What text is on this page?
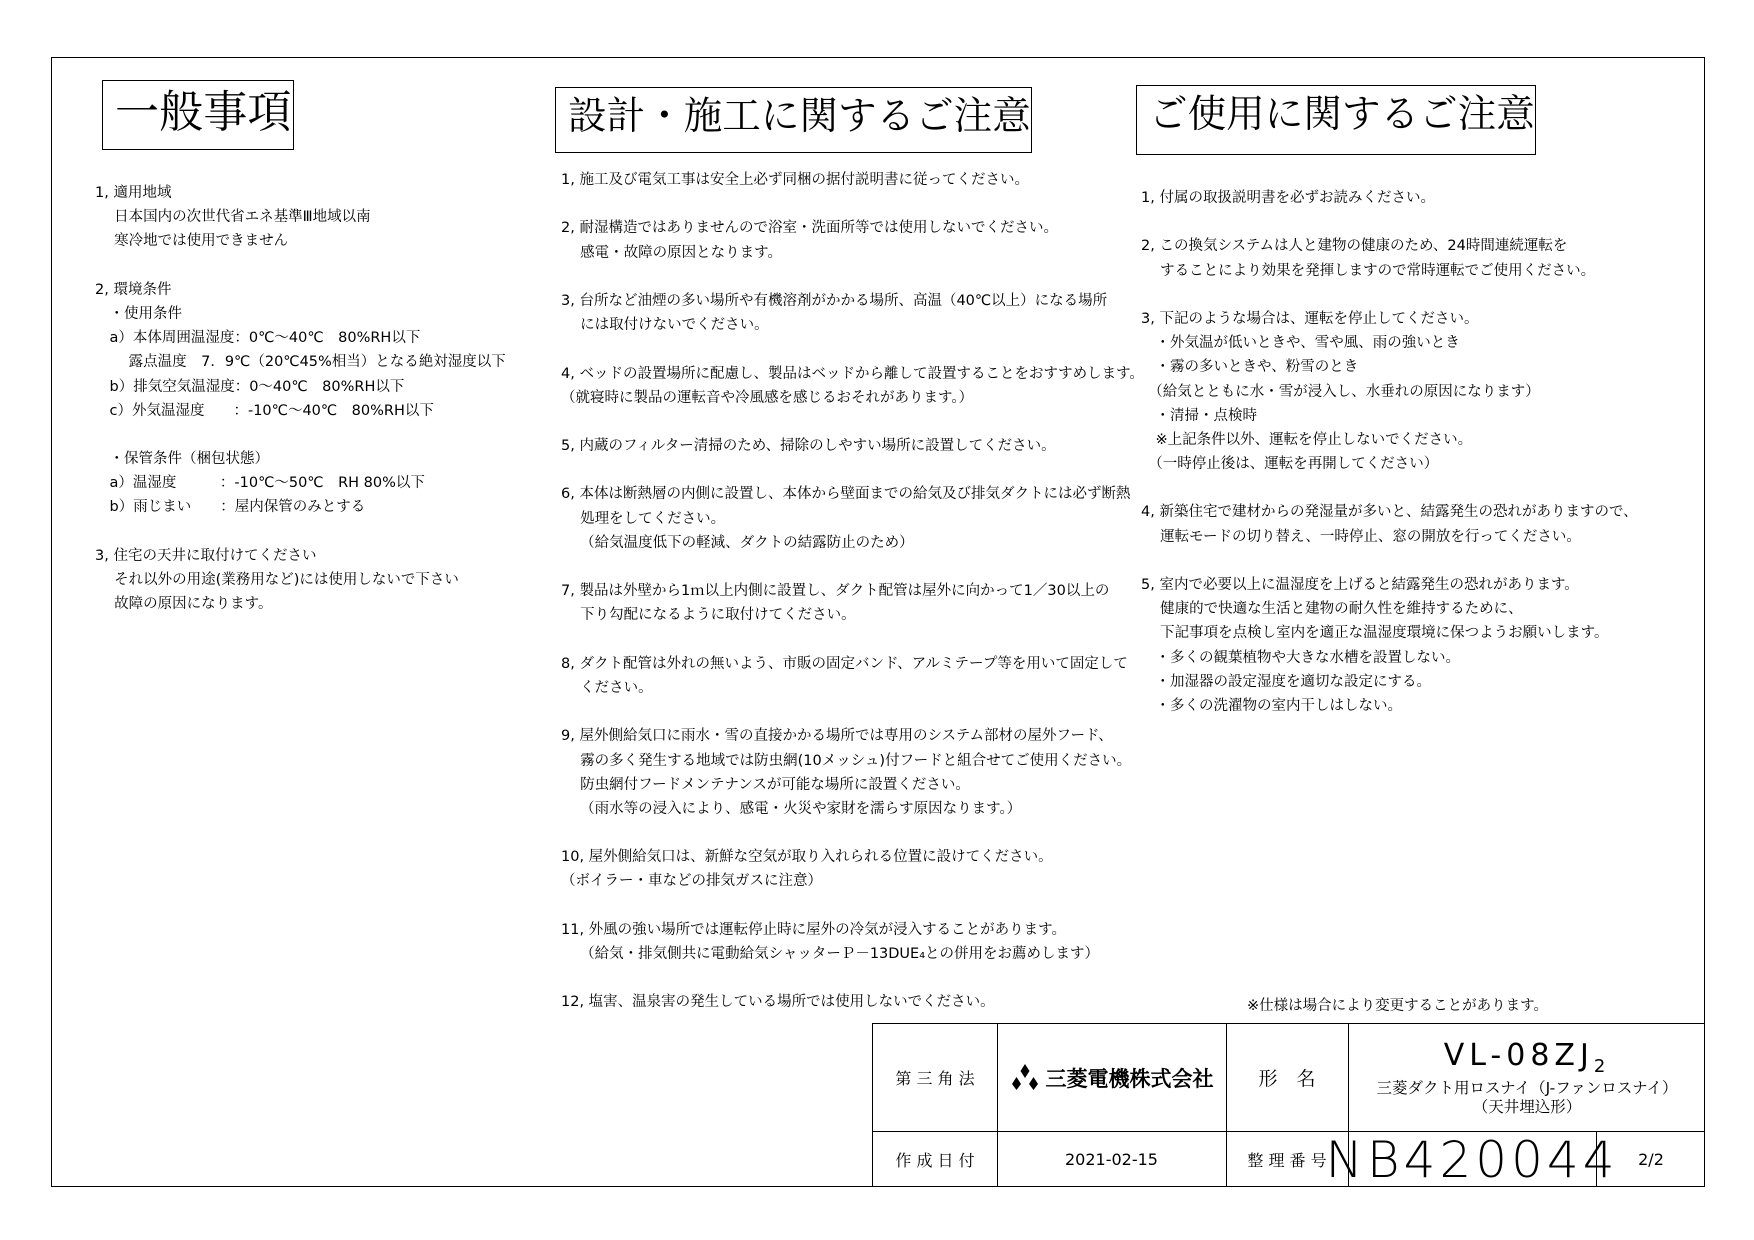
一般事項	設計・施工に関するご注意	ご使用に関するご注意
1, 適用地域
　 日本国内の次世代省エネ基準Ⅲ地域以南
　 寒冷地では使用できません
2, 環境条件
　・使用条件
　a）本体周囲温湿度：0℃～40℃　80%RH以下
　　 露点温度　7．9℃（20℃45%相当）となる絶対湿度以下
　b）排気空気温湿度：0～40℃　80%RH以下
　c）外気温湿度　　：-10℃～40℃　80%RH以下
　・保管条件（梱包状態）
　a）温湿度　　　：-10℃～50℃　RH 80%以下
　b）雨じまい　　：屋内保管のみとする
3, 住宅の天井に取付けてください
　 それ以外の用途(業務用など)には使用しないで下さい
　 故障の原因になります。
1, 施工及び電気工事は安全上必ず同梱の据付説明書に従ってください。
2, 耐湿構造ではありませんので浴室・洗面所等では使用しないでください。
　 感電・故障の原因となります。
3, 台所など油煙の多い場所や有機溶剤がかかる場所、高温（40℃以上）になる場所
　 には取付けないでください。
4, ベッドの設置場所に配慮し、製品はベッドから離して設置することをおすすめします。
（就寝時に製品の運転音や冷風感を感じるおそれがあります。）
5, 内蔵のフィルター清掃のため、掃除のしやすい場所に設置してください。
6, 本体は断熱層の内側に設置し、本体から壁面までの給気及び排気ダクトには必ず断熱
　 処理をしてください。
　 （給気温度低下の軽減、ダクトの結露防止のため）
7, 製品は外壁から1ｍ以上内側に設置し、ダクト配管は屋外に向かって1／30以上の
　 下り勾配になるように取付けてください。
8, ダクト配管は外れの無いよう、市販の固定バンド、アルミテープ等を用いて固定して
　 ください。
9, 屋外側給気口に雨水・雪の直接かかる場所では専用のシステム部材の屋外フード、
　 霧の多く発生する地域では防虫網(10メッシュ)付フードと組合せてご使用ください。
　 防虫網付フードメンテナンスが可能な場所に設置ください。
　 （雨水等の浸入により、感電・火災や家財を濡らす原因なります。）
10, 屋外側給気口は、新鮮な空気が取り入れられる位置に設けてください。
（ボイラー・車などの排気ガスに注意）
11, 外風の強い場所では運転停止時に屋外の冷気が浸入することがあります。
　 （給気・排気側共に電動給気シャッターＰ－13DUE₄との併用をお薦めします）
12, 塩害、温泉害の発生している場所では使用しないでください。
1, 付属の取扱説明書を必ずお読みください。
2, この換気システムは人と建物の健康のため、24時間連続運転を
　 することにより効果を発揮しますので常時運転でご使用ください。
3, 下記のような場合は、運転を停止してください。
　・外気温が低いときや、雪や風、雨の強いとき
　・霧の多いときや、粉雪のとき
　（給気とともに水・雪が浸入し、水垂れの原因になります）
　・清掃・点検時
　※上記条件以外、運転を停止しないでください。
　（一時停止後は、運転を再開してください）
4, 新築住宅で建材からの発湿量が多いと、結露発生の恐れがありますので、
　 運転モードの切り替え、一時停止、窓の開放を行ってください。
5, 室内で必要以上に温湿度を上げると結露発生の恐れがあります。
　 健康的で快適な生活と建物の耐久性を維持するために、
　 下記事項を点検し室内を適正な温湿度環境に保つようお願いします。
　・多くの観葉植物や大きな水槽を設置しない。
　・加湿器の設定湿度を適切な設定にする。
　・多くの洗濯物の室内干しはしない。
※仕様は場合により変更することがあります。
第 三 角 法	三菱電機株式会社	形　名
$VL-08ZJ_2$
三菱ダクト用ロスナイ（J-ファンロスナイ）
（天井埋込形）
作 成 日 付	2021-02-15	整 理 番 号
NB420044	2/2
